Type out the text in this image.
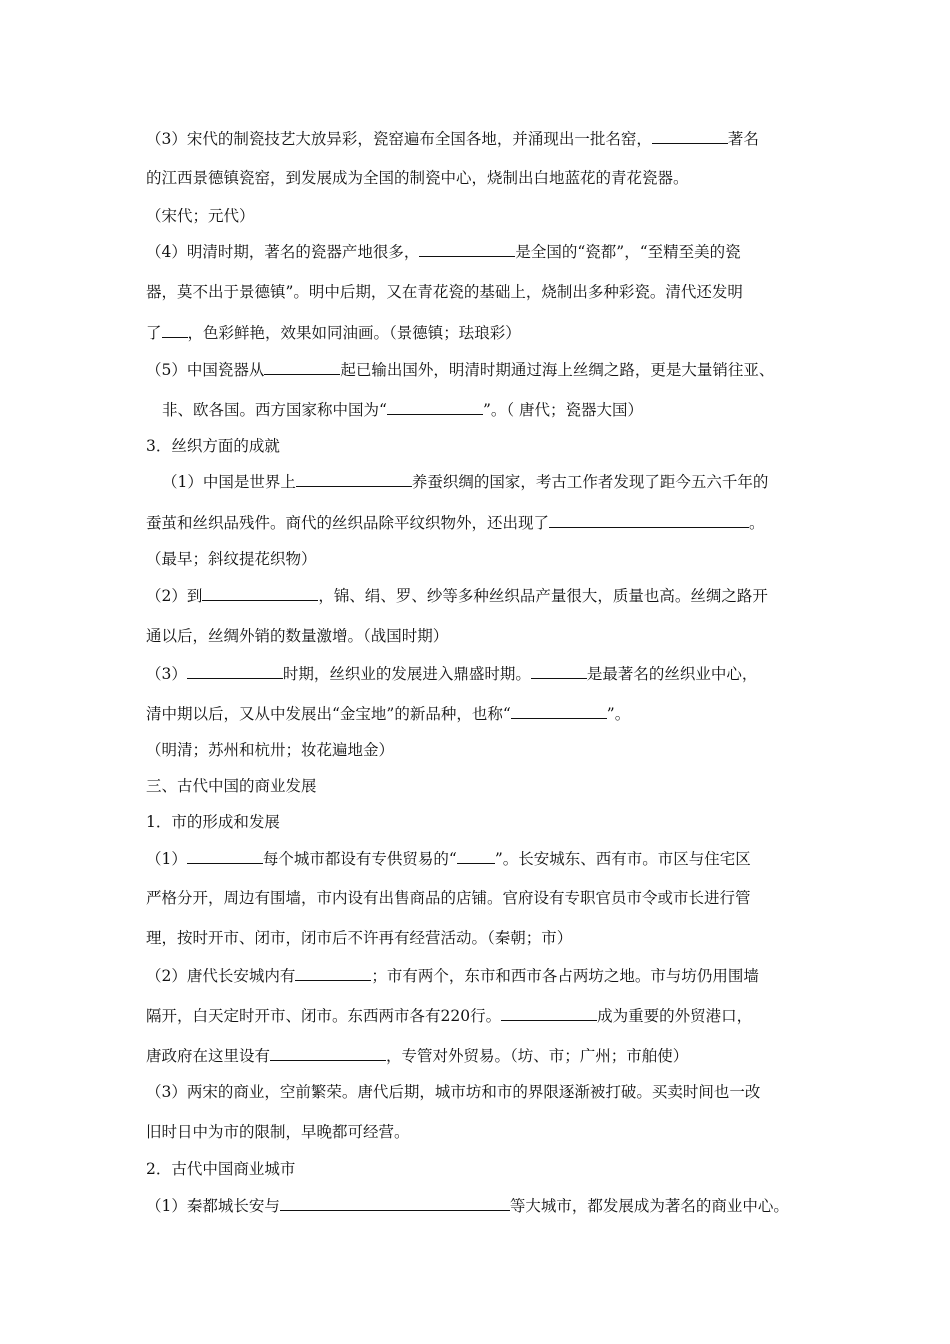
（3）宋代的制瓷技艺大放异彩，瓷窑遍布全国各地，并涌现出一批名窑，	著名
的江西景德镇瓷窑，到发展成为全国的制瓷中心，烧制出白地蓝花的青花瓷器。
（宋代；元代）
（4）明清时期，著名的瓷器产地很多，	是全国的“瓷都”，“至精至美的瓷
器，莫不出于景德镇”。明中后期，又在青花瓷的基础上，烧制出多种彩瓷。清代还发明
了 ，色彩鲜艳，效果如同油画。（景德镇；珐琅彩）
（5）中国瓷器从	起已输出国外，明清时期通过海上丝绸之路，更是大量销往亚、
非、欧各国。西方国家称中国为“	”。（ 唐代；瓷器大国）
3．丝织方面的成就
（1）中国是世界上	养蚕织绸的国家，考古工作者发现了距今五六千年的
蚕茧和丝织品残件。商代的丝织品除平纹织物外，还出现了	。
（最早；斜纹提花织物）
（2）到	，锦、绢、罗、纱等多种丝织品产量很大，质量也高。丝绸之路开
通以后，丝绸外销的数量激增。（战国时期）
（3）	时期，丝织业的发展进入鼎盛时期。	是最著名的丝织业中心，
清中期以后，又从中发展出“金宝地”的新品种，也称“	”。
（明清；苏州和杭卅；妆花遍地金）
三、古代中国的商业发展
1．市的形成和发展
（1）	每个城市都设有专供贸易的“ ”。长安城东、西有市。市区与住宅区
严格分开，周边有围墙，市内设有出售商品的店铺。官府设有专职官员市令或市长进行管
理，按时开市、闭市，闭市后不许再有经营活动。（秦朝；市）
（2）唐代长安城内有	；市有两个，东市和西市各占两坊之地。市与坊仍用围墙
隔开，白天定时开市、闭市。东西两市各有220行。	成为重要的外贸港口，
唐政府在这里设有	，专管对外贸易。（坊、市；广州；市舶使）
（3）两宋的商业，空前繁荣。唐代后期，城市坊和市的界限逐渐被打破。买卖时间也一改
旧时日中为市的限制，早晚都可经营。
2．古代中国商业城市
（1）秦都城长安与	等大城市，都发展成为著名的商业中心。
